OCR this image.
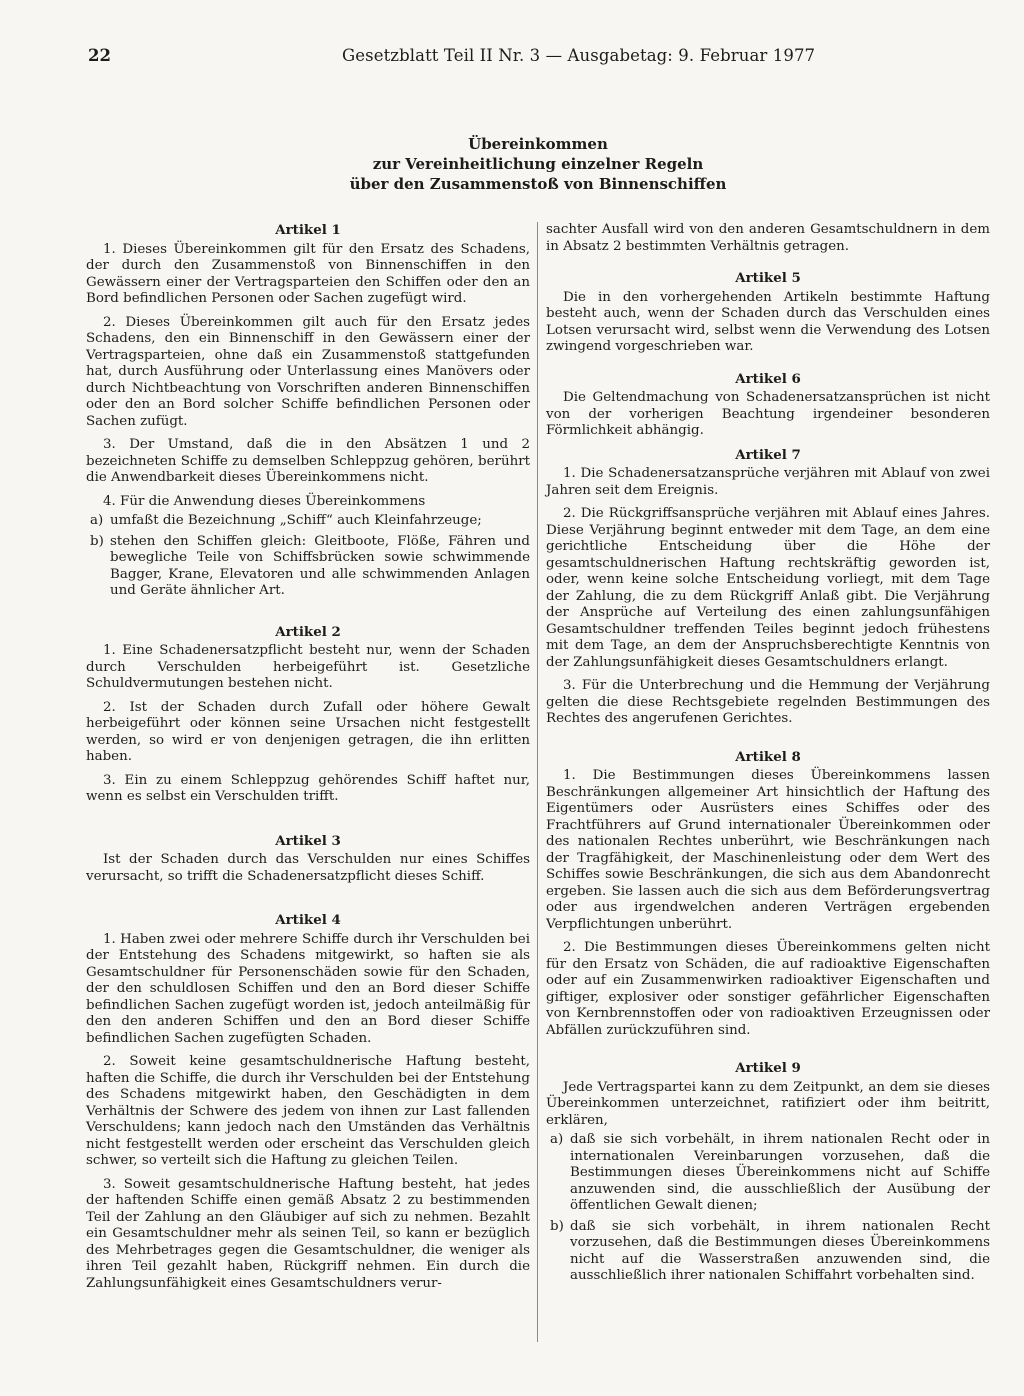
22	Gesetzblatt Teil II Nr. 3 — Ausgabetag: 9. Februar 1977
Übereinkommen
zur Vereinheitlichung einzelner Regeln
über den Zusammenstoß von Binnenschiffen
Artikel 1

1. Dieses Übereinkommen gilt für den Ersatz des Schadens, der durch den Zusammenstoß von Binnenschiffen in den Gewässern einer der Vertragsparteien den Schiffen oder den an Bord befindlichen Personen oder Sachen zugefügt wird.

2. Dieses Übereinkommen gilt auch für den Ersatz jedes Schadens, den ein Binnenschiff in den Gewässern einer der Vertragsparteien, ohne daß ein Zusammenstoß stattgefunden hat, durch Ausführung oder Unterlassung eines Manövers oder durch Nichtbeachtung von Vorschriften anderen Binnenschiffen oder den an Bord solcher Schiffe befindlichen Personen oder Sachen zufügt.

3. Der Umstand, daß die in den Absätzen 1 und 2 bezeichneten Schiffe zu demselben Schleppzug gehören, berührt die Anwendbarkeit dieses Übereinkommens nicht.

4. Für die Anwendung dieses Übereinkommens

a) umfaßt die Bezeichnung „Schiff“ auch Kleinfahrzeuge;
b) stehen den Schiffen gleich: Gleitboote, Flöße, Fähren und bewegliche Teile von Schiffsbrücken sowie schwimmende Bagger, Krane, Elevatoren und alle schwimmenden Anlagen und Geräte ähnlicher Art.
Artikel 2

1. Eine Schadenersatzpflicht besteht nur, wenn der Schaden durch Verschulden herbeigeführt ist. Gesetzliche Schuldvermutungen bestehen nicht.

2. Ist der Schaden durch Zufall oder höhere Gewalt herbeigeführt oder können seine Ursachen nicht festgestellt werden, so wird er von denjenigen getragen, die ihn erlitten haben.

3. Ein zu einem Schleppzug gehörendes Schiff haftet nur, wenn es selbst ein Verschulden trifft.

Artikel 3

Ist der Schaden durch das Verschulden nur eines Schiffes verursacht, so trifft die Schadenersatzpflicht dieses Schiff.

Artikel 4

1. Haben zwei oder mehrere Schiffe durch ihr Verschulden bei der Entstehung des Schadens mitgewirkt, so haften sie als Gesamtschuldner für Personenschäden sowie für den Schaden, der den schuldlosen Schiffen und den an Bord dieser Schiffe befindlichen Sachen zugefügt worden ist, jedoch anteilmäßig für den den anderen Schiffen und den an Bord dieser Schiffe befindlichen Sachen zugefügten Schaden.

2. Soweit keine gesamtschuldnerische Haftung besteht, haften die Schiffe, die durch ihr Verschulden bei der Entstehung des Schadens mitgewirkt haben, den Geschädigten in dem Verhältnis der Schwere des jedem von ihnen zur Last fallenden Verschuldens; kann jedoch nach den Umständen das Verhältnis nicht festgestellt werden oder erscheint das Verschulden gleich schwer, so verteilt sich die Haftung zu gleichen Teilen.

3. Soweit gesamtschuldnerische Haftung besteht, hat jedes der haftenden Schiffe einen gemäß Absatz 2 zu bestimmenden Teil der Zahlung an den Gläubiger auf sich zu nehmen. Bezahlt ein Gesamtschuldner mehr als seinen Teil, so kann er bezüglich des Mehrbetrages gegen die Gesamtschuldner, die weniger als ihren Teil gezahlt haben, Rückgriff nehmen. Ein durch die Zahlungsunfähigkeit eines Gesamtschuldners verur-

sachter Ausfall wird von den anderen Gesamtschuldnern in dem in Absatz 2 bestimmten Verhältnis getragen.

Artikel 5

Die in den vorhergehenden Artikeln bestimmte Haftung besteht auch, wenn der Schaden durch das Verschulden eines Lotsen verursacht wird, selbst wenn die Verwendung des Lotsen zwingend vorgeschrieben war.

Artikel 6

Die Geltendmachung von Schadenersatzansprüchen ist nicht von der vorherigen Beachtung irgendeiner besonderen Förmlichkeit abhängig.

Artikel 7

1. Die Schadenersatzansprüche verjähren mit Ablauf von zwei Jahren seit dem Ereignis.

2. Die Rückgriffsansprüche verjähren mit Ablauf eines Jahres. Diese Verjährung beginnt entweder mit dem Tage, an dem eine gerichtliche Entscheidung über die Höhe der gesamtschuldnerischen Haftung rechtskräftig geworden ist, oder, wenn keine solche Entscheidung vorliegt, mit dem Tage der Zahlung, die zu dem Rückgriff Anlaß gibt. Die Verjährung der Ansprüche auf Verteilung des einen zahlungsunfähigen Gesamtschuldner treffenden Teiles beginnt jedoch frühestens mit dem Tage, an dem der Anspruchsberechtigte Kenntnis von der Zahlungsunfähigkeit dieses Gesamtschuldners erlangt.

3. Für die Unterbrechung und die Hemmung der Verjährung gelten die diese Rechtsgebiete regelnden Bestimmungen des Rechtes des angerufenen Gerichtes.

Artikel 8

1. Die Bestimmungen dieses Übereinkommens lassen Beschränkungen allgemeiner Art hinsichtlich der Haftung des Eigentümers oder Ausrüsters eines Schiffes oder des Frachtführers auf Grund internationaler Übereinkommen oder des nationalen Rechtes unberührt, wie Beschränkungen nach der Tragfähigkeit, der Maschinenleistung oder dem Wert des Schiffes sowie Beschränkungen, die sich aus dem Abandonrecht ergeben. Sie lassen auch die sich aus dem Beförderungsvertrag oder aus irgendwelchen anderen Verträgen ergebenden Verpflichtungen unberührt.

2. Die Bestimmungen dieses Übereinkommens gelten nicht für den Ersatz von Schäden, die auf radioaktive Eigenschaften oder auf ein Zusammenwirken radioaktiver Eigenschaften und giftiger, explosiver oder sonstiger gefährlicher Eigenschaften von Kernbrennstoffen oder von radioaktiven Erzeugnissen oder Abfällen zurückzuführen sind.

Artikel 9

Jede Vertragspartei kann zu dem Zeitpunkt, an dem sie dieses Übereinkommen unterzeichnet, ratifiziert oder ihm beitritt, erklären,

a) daß sie sich vorbehält, in ihrem nationalen Recht oder in internationalen Vereinbarungen vorzusehen, daß die Bestimmungen dieses Übereinkommens nicht auf Schiffe anzuwenden sind, die ausschließlich der Ausübung der öffentlichen Gewalt dienen;
b) daß sie sich vorbehält, in ihrem nationalen Recht vorzusehen, daß die Bestimmungen dieses Übereinkommens nicht auf die Wasserstraßen anzuwenden sind, die ausschließlich ihrer nationalen Schiffahrt vorbehalten sind.
